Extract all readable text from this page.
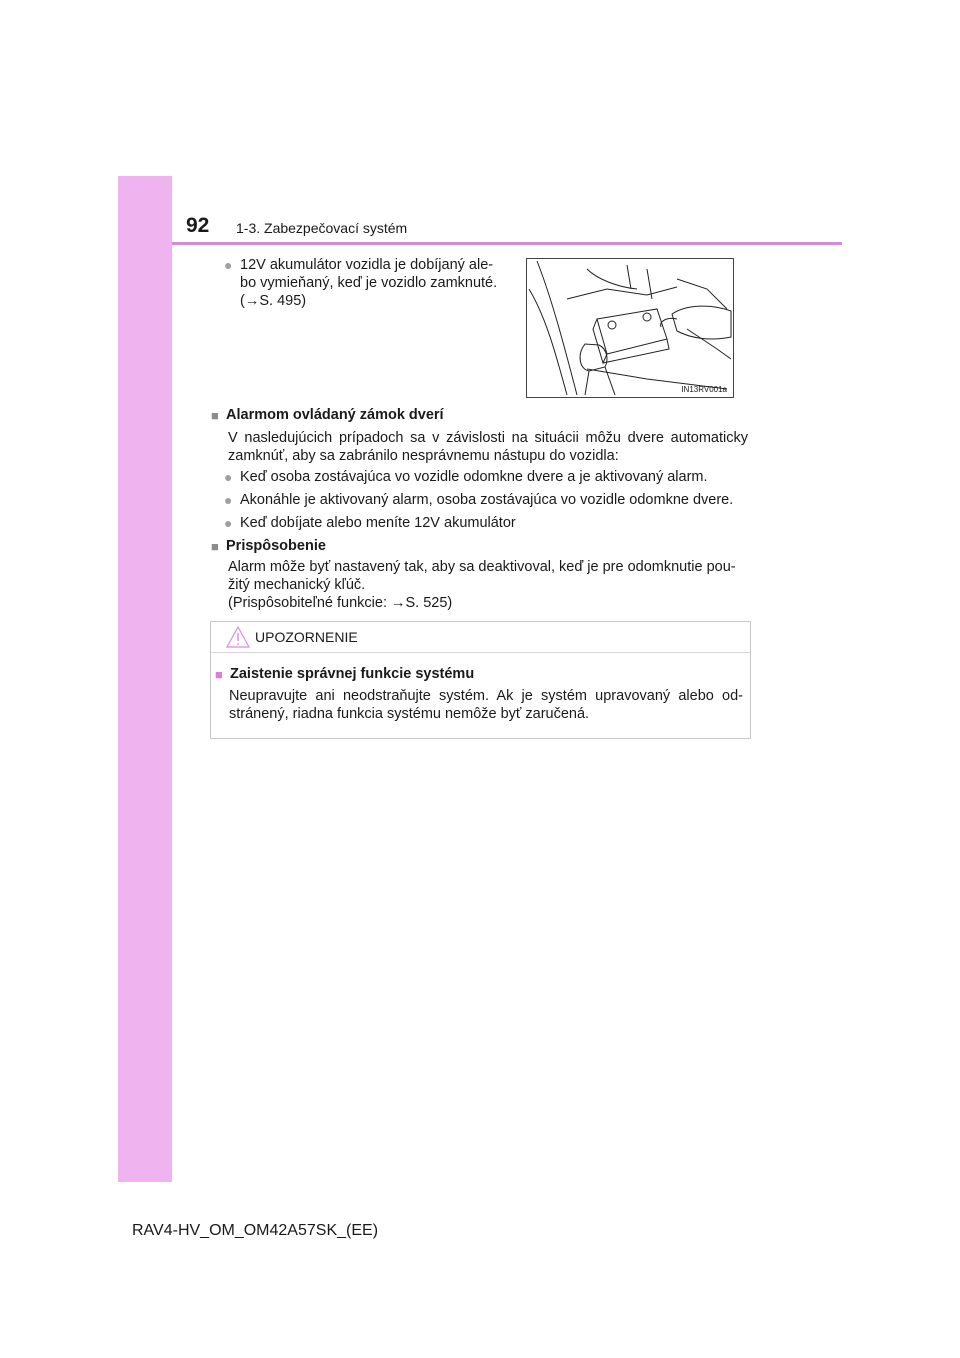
92 1-3. Zabezpečovací systém
● 12V akumulátor vozidla je dobíjaný ale-
bo vymieňaný, keď je vozidlo zamknuté.
(→S. 495)
IN13RV001a
■ Alarmom ovládaný zámok dverí
V nasledujúcich prípadoch sa v závislosti na situácii môžu dvere automaticky zamknúť, aby sa zabránilo nesprávnemu nástupu do vozidla:
● Keď osoba zostávajúca vo vozidle odomkne dvere a je aktivovaný alarm.
● Akonáhle je aktivovaný alarm, osoba zostávajúca vo vozidle odomkne dvere.
● Keď dobíjate alebo meníte 12V akumulátor
■ Prispôsobenie
Alarm môže byť nastavený tak, aby sa deaktivoval, keď je pre odomknutie pou-
žitý mechanický kľúč.
(Prispôsobiteľné funkcie: →S. 525)
UPOZORNENIE
■ Zaistenie správnej funkcie systému
Neupravujte ani neodstraňujte systém. Ak je systém upravovaný alebo od-stránený, riadna funkcia systému nemôže byť zaručená.
RAV4-HV_OM_OM42A57SK_(EE)
